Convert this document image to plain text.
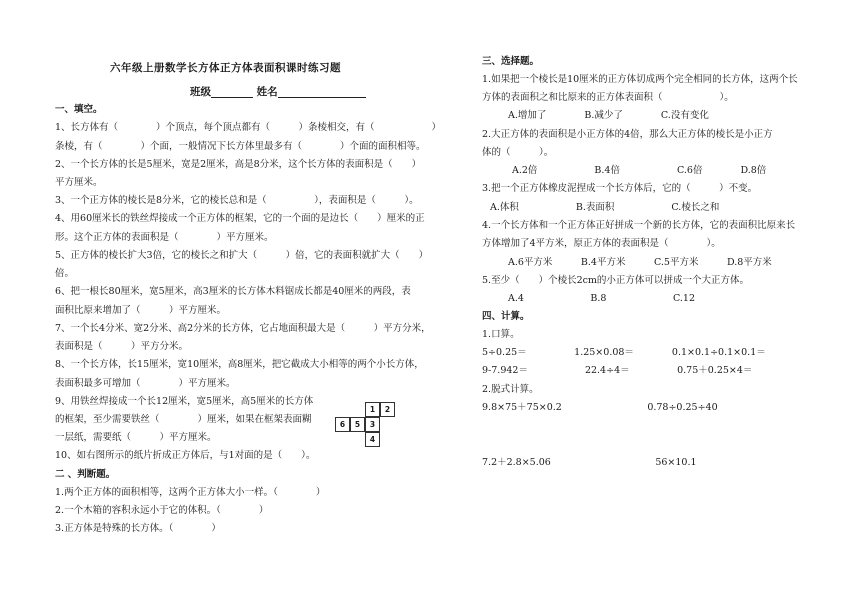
六年级上册数学长方体正方体表面积课时练习题
班级	姓名
一、填空。
1、长方体有（　　　　）个顶点，每个顶点都有（　　　）条棱相交，有（　　　　　　）
条棱，有（　　　　）个面，一般情况下长方体里最多有（　　　　）个面的面积相等。
2、一个长方体的长是5厘米，宽是2厘米，高是8分米，这个长方体的表面积是（　　）
平方厘米。
3、一个正方体的棱长是8分米，它的棱长总和是（　　　　　），表面积是（　　　）。
4、用60厘米长的铁丝焊接成一个正方体的框架，它的一个面的是边长（　　）厘米的正
形。这个正方体的表面积是（　　　　）平方厘米。
5、正方体的棱长扩大3倍，它的棱长之和扩大（　　　）倍，它的表面积就扩大（　　）
倍。
6、把一根长80厘米，宽5厘米，高3厘米的长方体木料锯成长都是40厘米的两段，表
面积比原来增加了（　　　）平方厘米。
7、一个长4分米、宽2分米、高2分米的长方体，它占地面积最大是（　　　）平方分米，
表面积是（　　　）平方分米。
8、一个长方体，长15厘米，宽10厘米，高8厘米，把它截成大小相等的两个小长方体，
表面积最多可增加（　　　　）平方厘米。
9、用铁丝焊接成一个长12厘米，宽5厘米，高5厘米的长方体
的框架，至少需要铁丝（　　　　）厘米，如果在框架表面糊
一层纸，需要纸（　　　）平方厘米。
10、如右图所示的纸片折成正方体后，与1对面的是（　　）。
二 、判断题。
1.两个正方体的面积相等，这两个正方体大小一样。（　　　　）
2.一个木箱的容积永远小于它的体积。（　　　　）
3.正方体是特殊的长方体。（　　　　）
三、选择题。
1.如果把一个棱长是10厘米的正方体切成两个完全相同的长方体，这两个长
方体的表面积之和比原来的正方体表面积（　　　　　　）。
A.增加了　　　　B.减少了　　　　C.没有变化
2.大正方体的表面积是小正方体的4倍，那么大正方体的棱长是小正方
体的（　　　）。
A.2倍　　　　　　B.4倍　　　　　　C.6倍　　　　D.8倍
3.把一个正方体橡皮泥捏成一个长方体后，它的（　　　）不变。
A.体积　　　　　　B.表面积　　　　　　C.棱长之和
4.一个长方体和一个正方体正好拼成一个新的长方体，它的表面积比原来长
方体增加了4平方米，原正方体的表面积是（　　　　）。
A.6平方米　　　B.4平方米　　　C.5平方米　　　D.8平方米
5.至少（　　）个棱长2cm的小正方体可以拼成一个大正方体。
A.4　　　　　　　B.8　　　　　　　C.12
四、计算。
1.口算。
5÷0.25＝　　　　　1.25×0.08＝　　　　0.1×0.1÷0.1×0.1＝
9-7.942＝　　　　　　22.4÷4＝　　　　　0.75＋0.25×4＝
2.脱式计算。
9.8×75＋75×0.2　　　　　　　　　0.78÷0.25÷40
7.2＋2.8×5.06　　　　　　　　　　　56×10.1
1	2
6	5	3
4
